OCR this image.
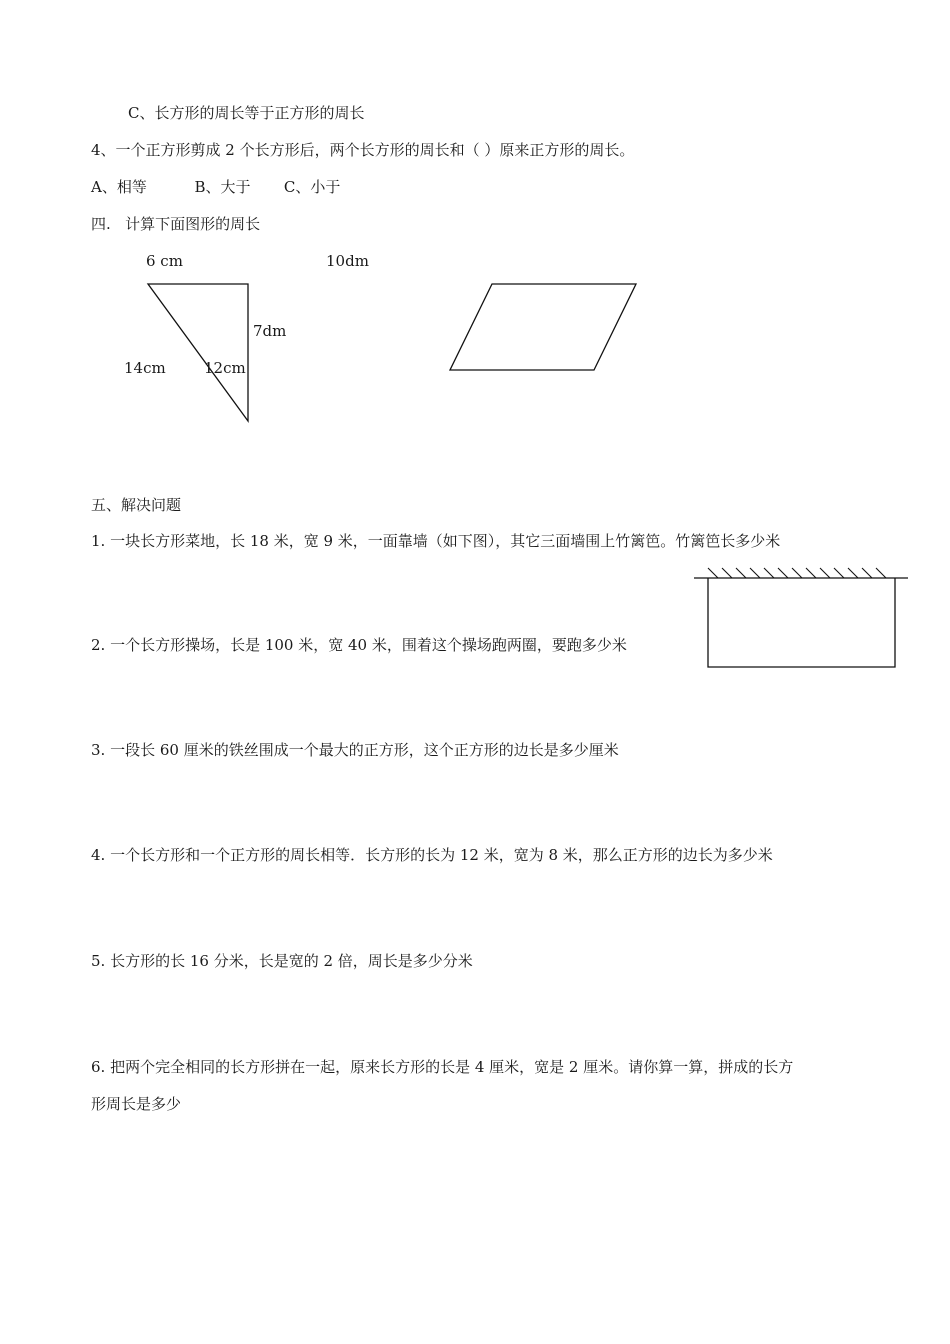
C、长方形的周长等于正方形的周长
4、一个正方形剪成 2 个长方形后，两个长方形的周长和（ ）原来正方形的周长。
A、相等          B、大于       C、小于
四.   计算下面图形的周长
6 cm	10dm
7dm
14cm	12cm
五、解决问题
1. 一块长方形菜地，长 18 米，宽 9 米，一面靠墙（如下图），其它三面墙围上竹篱笆。竹篱笆长多少米
2. 一个长方形操场，长是 100 米，宽 40 米，围着这个操场跑两圈，要跑多少米
3. 一段长 60 厘米的铁丝围成一个最大的正方形，这个正方形的边长是多少厘米
4. 一个长方形和一个正方形的周长相等．长方形的长为 12 米，宽为 8 米，那么正方形的边长为多少米
5. 长方形的长 16 分米，长是宽的 2 倍，周长是多少分米
6. 把两个完全相同的长方形拼在一起，原来长方形的长是 4 厘米，宽是 2 厘米。请你算一算，拼成的长方
形周长是多少
